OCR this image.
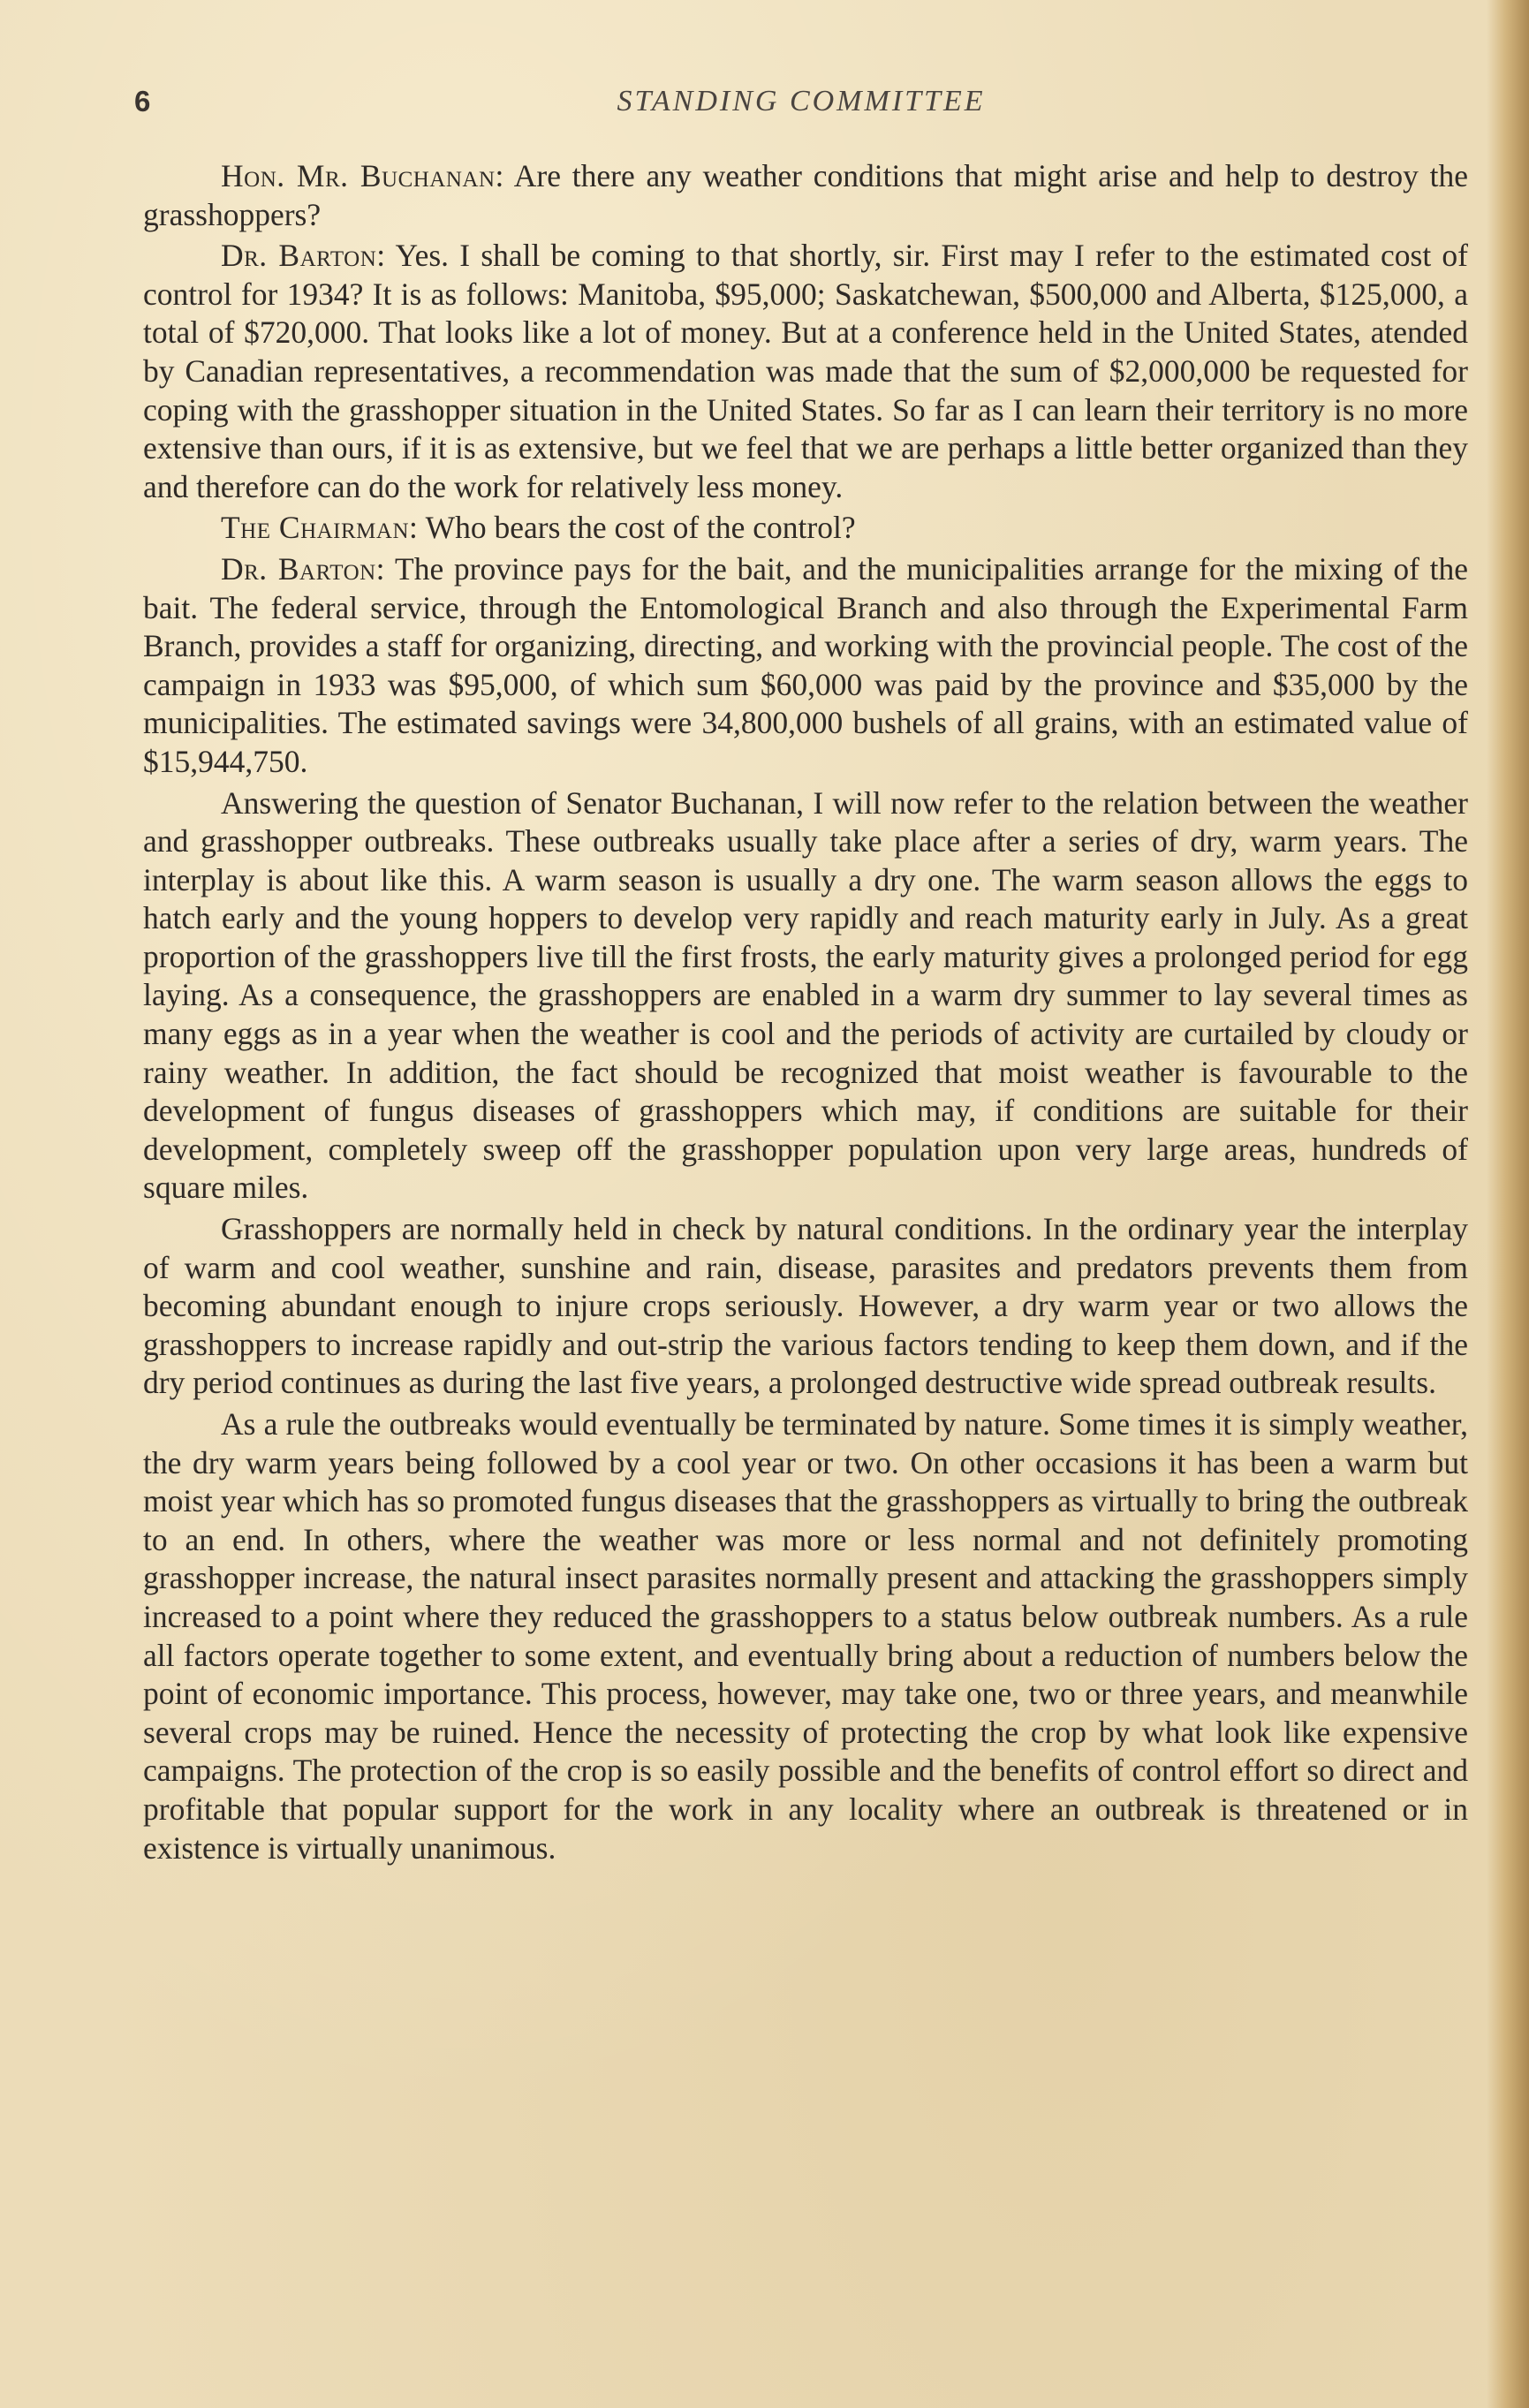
6	STANDING COMMITTEE

Hon. Mr. Buchanan: Are there any weather conditions that might arise and help to destroy the grasshoppers?

Dr. Barton: Yes. I shall be coming to that shortly, sir. First may I refer to the estimated cost of control for 1934? It is as follows: Manitoba, $95,000; Saskatchewan, $500,000 and Alberta, $125,000, a total of $720,000. That looks like a lot of money. But at a conference held in the United States, atended by Canadian representatives, a recommendation was made that the sum of $2,000,000 be requested for coping with the grasshopper situation in the United States. So far as I can learn their territory is no more extensive than ours, if it is as extensive, but we feel that we are perhaps a little better organized than they and therefore can do the work for relatively less money.

The Chairman: Who bears the cost of the control?

Dr. Barton: The province pays for the bait, and the municipalities arrange for the mixing of the bait. The federal service, through the Entomological Branch and also through the Experimental Farm Branch, provides a staff for organizing, directing, and working with the provincial people. The cost of the campaign in 1933 was $95,000, of which sum $60,000 was paid by the province and $35,000 by the municipalities. The estimated savings were 34,800,000 bushels of all grains, with an estimated value of $15,944,750.

Answering the question of Senator Buchanan, I will now refer to the relation between the weather and grasshopper outbreaks. These outbreaks usually take place after a series of dry, warm years. The interplay is about like this. A warm season is usually a dry one. The warm season allows the eggs to hatch early and the young hoppers to develop very rapidly and reach maturity early in July. As a great proportion of the grasshoppers live till the first frosts, the early maturity gives a prolonged period for egg laying. As a consequence, the grasshoppers are enabled in a warm dry summer to lay several times as many eggs as in a year when the weather is cool and the periods of activity are curtailed by cloudy or rainy weather. In addition, the fact should be recognized that moist weather is favourable to the development of fungus diseases of grasshoppers which may, if conditions are suitable for their development, completely sweep off the grasshopper population upon very large areas, hundreds of square miles.

Grasshoppers are normally held in check by natural conditions. In the ordinary year the interplay of warm and cool weather, sunshine and rain, disease, parasites and predators prevents them from becoming abundant enough to injure crops seriously. However, a dry warm year or two allows the grasshoppers to increase rapidly and out-strip the various factors tending to keep them down, and if the dry period continues as during the last five years, a prolonged destructive wide spread outbreak results.

As a rule the outbreaks would eventually be terminated by nature. Some times it is simply weather, the dry warm years being followed by a cool year or two. On other occasions it has been a warm but moist year which has so promoted fungus diseases that the grasshoppers as virtually to bring the outbreak to an end. In others, where the weather was more or less normal and not definitely promoting grasshopper increase, the natural insect parasites normally present and attacking the grasshoppers simply increased to a point where they reduced the grasshoppers to a status below outbreak numbers. As a rule all factors operate together to some extent, and eventually bring about a reduction of numbers below the point of economic importance. This process, however, may take one, two or three years, and meanwhile several crops may be ruined. Hence the necessity of protecting the crop by what look like expensive campaigns. The protection of the crop is so easily possible and the benefits of control effort so direct and profitable that popular support for the work in any locality where an outbreak is threatened or in existence is virtually unanimous.
